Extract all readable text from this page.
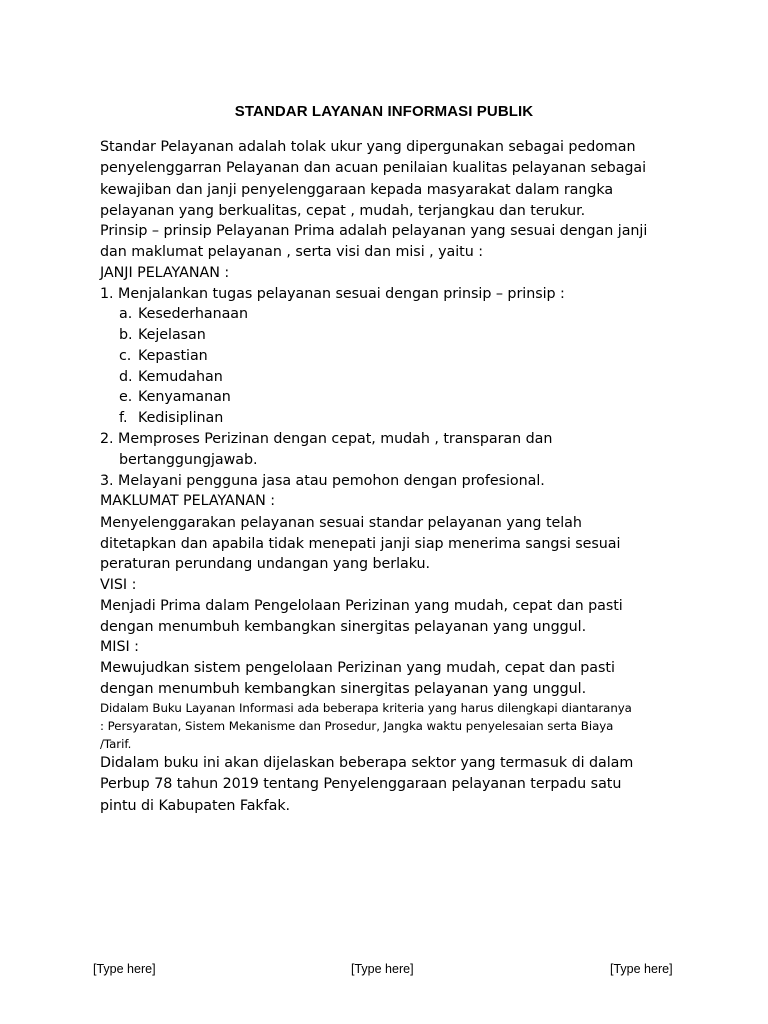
STANDAR LAYANAN INFORMASI PUBLIK
Standar Pelayanan adalah tolak ukur yang dipergunakan sebagai pedoman
penyelenggarran Pelayanan dan acuan penilaian kualitas pelayanan sebagai
kewajiban dan janji penyelenggaraan kepada masyarakat dalam rangka
pelayanan yang berkualitas, cepat , mudah, terjangkau dan terukur.
Prinsip – prinsip Pelayanan Prima adalah pelayanan yang sesuai dengan janji
dan maklumat pelayanan , serta visi dan misi , yaitu :
JANJI PELAYANAN :
1. Menjalankan tugas pelayanan sesuai dengan prinsip – prinsip :
a. Kesederhanaan
b. Kejelasan
c. Kepastian
d. Kemudahan
e. Kenyamanan
f. Kedisiplinan
2. Memproses Perizinan dengan cepat, mudah , transparan dan
bertanggungjawab.
3. Melayani pengguna jasa atau pemohon dengan profesional.
MAKLUMAT PELAYANAN :
Menyelenggarakan pelayanan sesuai standar pelayanan yang telah
ditetapkan dan apabila tidak menepati janji siap menerima sangsi sesuai
peraturan perundang undangan yang berlaku.
VISI :
Menjadi Prima dalam Pengelolaan Perizinan yang mudah, cepat dan pasti
dengan menumbuh kembangkan sinergitas pelayanan yang unggul.
MISI :
Mewujudkan sistem pengelolaan Perizinan yang mudah, cepat dan pasti
dengan menumbuh kembangkan sinergitas pelayanan yang unggul.
Didalam Buku Layanan Informasi ada beberapa kriteria yang harus dilengkapi diantaranya
: Persyaratan, Sistem Mekanisme dan Prosedur, Jangka waktu penyelesaian serta Biaya
/Tarif.
Didalam buku ini akan dijelaskan beberapa sektor yang termasuk di dalam
Perbup 78 tahun 2019 tentang Penyelenggaraan pelayanan terpadu satu
pintu di Kabupaten Fakfak.
[Type here]	[Type here]	[Type here]
